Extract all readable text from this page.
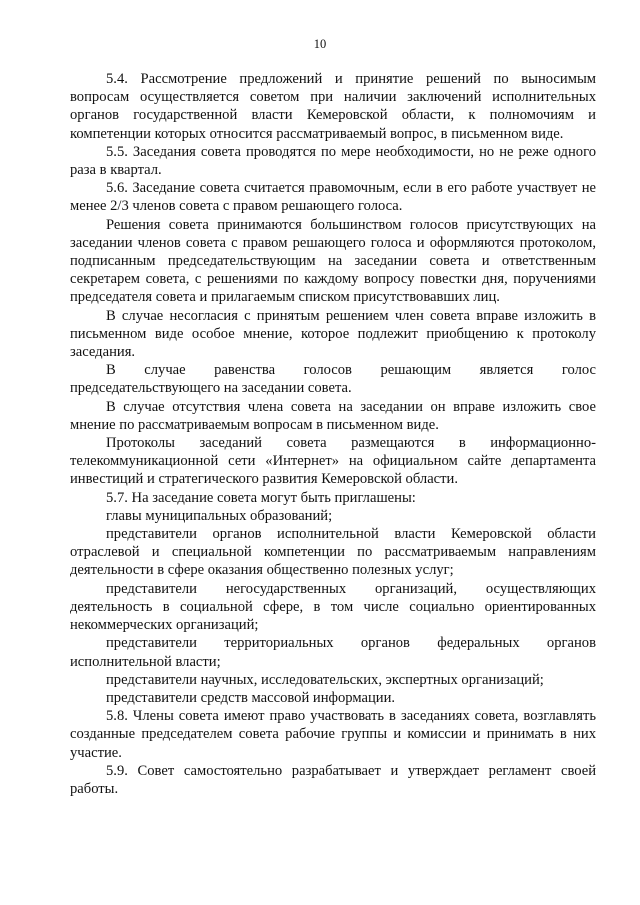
10

5.4. Рассмотрение предложений и принятие решений по выносимым вопросам осуществляется советом при наличии заключений исполнительных органов государственной власти Кемеровской области, к полномочиям и компетенции которых относится рассматриваемый вопрос, в письменном виде.

5.5. Заседания совета проводятся по мере необходимости, но не реже одного раза в квартал.

5.6. Заседание совета считается правомочным, если в его работе участвует не менее 2/3 членов совета с правом решающего голоса.

Решения совета принимаются большинством голосов присутствующих на заседании членов совета с правом решающего голоса и оформляются протоколом, подписанным председательствующим на заседании совета и ответственным секретарем совета, с решениями по каждому вопросу повестки дня, поручениями председателя совета и прилагаемым списком присутствовавших лиц.

В случае несогласия с принятым решением член совета вправе изложить в письменном виде особое мнение, которое подлежит приобщению к протоколу заседания.

В случае равенства голосов решающим является голос председательствующего на заседании совета.

В случае отсутствия члена совета на заседании он вправе изложить свое мнение по рассматриваемым вопросам в письменном виде.

Протоколы заседаний совета размещаются в информационно-телекоммуникационной сети «Интернет» на официальном сайте департамента инвестиций и стратегического развития Кемеровской области.

5.7. На заседание совета могут быть приглашены:

главы муниципальных образований;

представители органов исполнительной власти Кемеровской области отраслевой и специальной компетенции по рассматриваемым направлениям деятельности в сфере оказания общественно полезных услуг;

представители негосударственных организаций, осуществляющих деятельность в социальной сфере, в том числе социально ориентированных некоммерческих организаций;

представители территориальных органов федеральных органов исполнительной власти;

представители научных, исследовательских, экспертных организаций;

представители средств массовой информации.

5.8. Члены совета имеют право участвовать в заседаниях совета, возглавлять созданные председателем совета рабочие группы и комиссии и принимать в них участие.

5.9. Совет самостоятельно разрабатывает и утверждает регламент своей работы.
